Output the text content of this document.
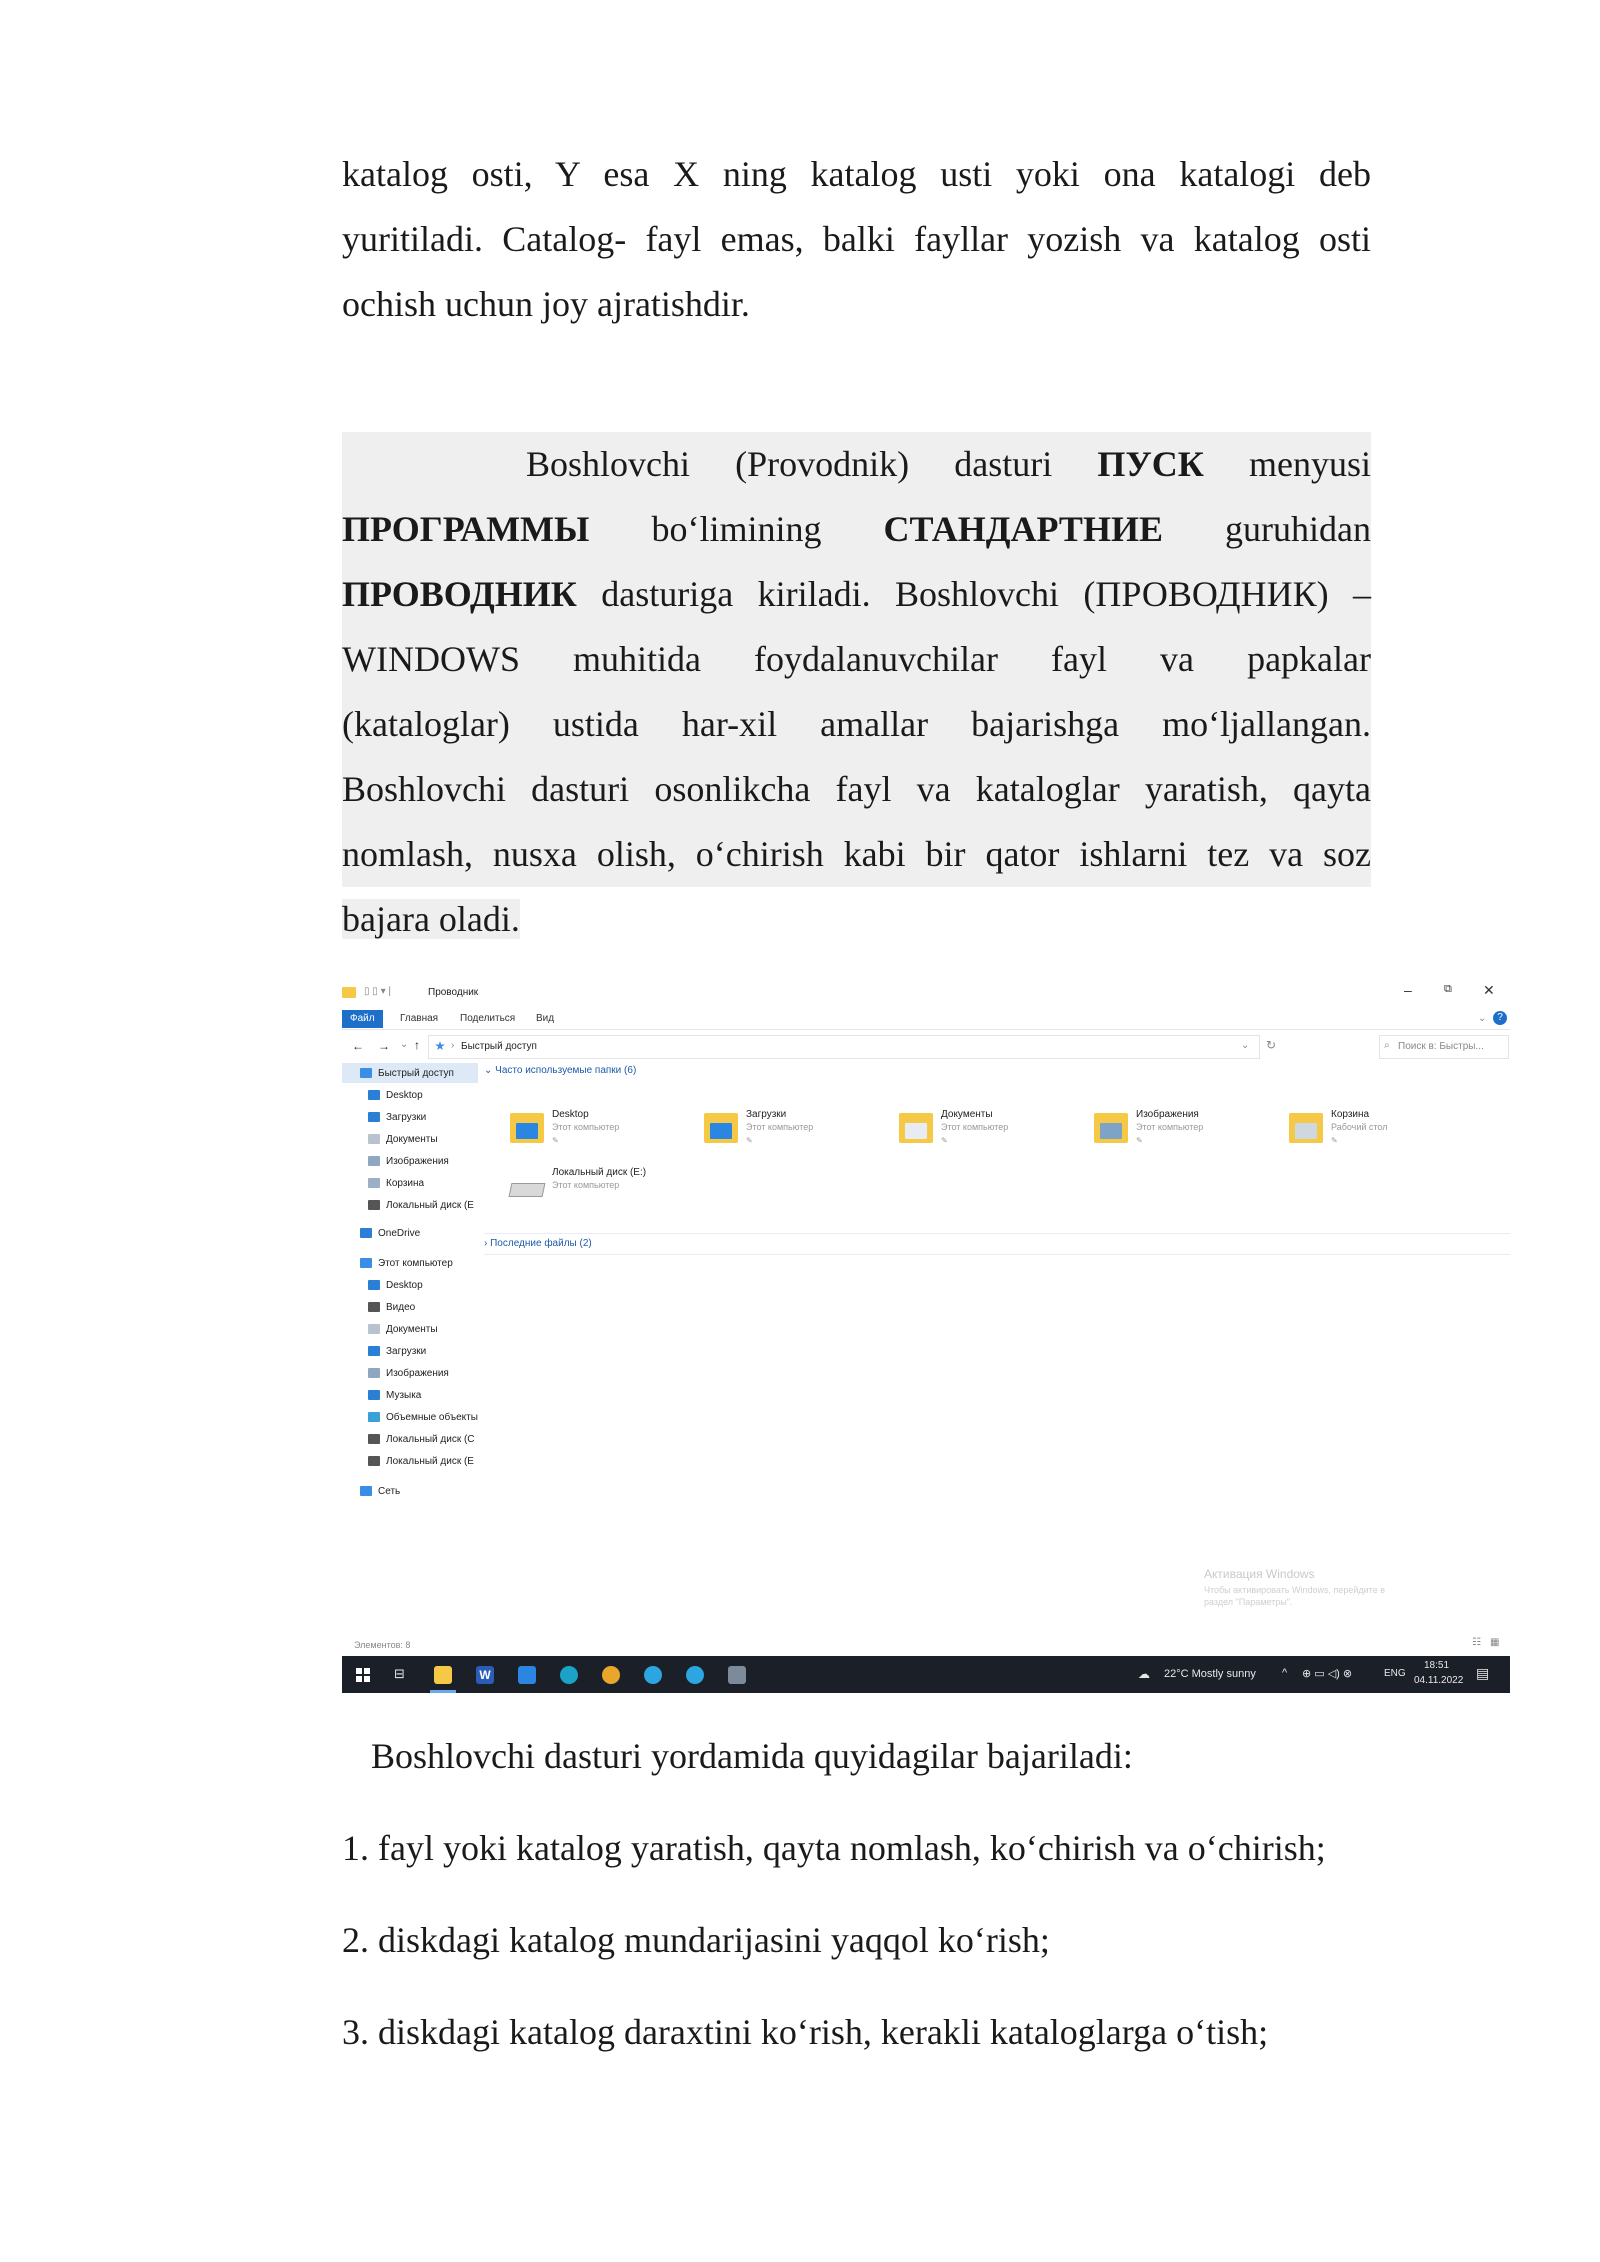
katalog osti, Y esa X ning katalog usti yoki ona katalogi deb
yuritiladi. Catalog- fayl emas, balki fayllar yozish va katalog osti
ochish uchun joy ajratishdir.
Boshlovchi (Provodnik) dasturi ПУСК menyusi
ПРОГРАММЫ bo‘limining СТАНДАРТНИЕ guruhidan
ПРОВОДНИК dasturiga kiriladi. Boshlovchi (ПРОВОДНИК) –
WINDOWS muhitida foydalanuvchilar fayl va papkalar
(kataloglar) ustida har-xil amallar bajarishga mo‘ljallangan.
Boshlovchi dasturi osonlikcha fayl va kataloglar yaratish, qayta
nomlash, nusxa olish, o‘chirish kabi bir qator ishlarni tez va soz
bajara oladi.
▯ ▯ ▾ |	Проводник	–	⧉ ✕
Файл	Главная	Поделиться	Вид	⌄	?
← → ⌄ ↑	› Быстрый доступ	⌄ ↻	⌕ Поиск в: Быстры...
Быстрый доступ
Desktop
Загрузки
Документы
Изображения
Корзина
Локальный диск (E
OneDrive
Этот компьютер
Desktop
Видео
Документы
Загрузки
Изображения
Музыка
Объемные объекты
Локальный диск (C
Локальный диск (E
Сеть
⌄ Часто используемые папки (6)
Desktop
Этот компьютер
✎
Загрузки
Этот компьютер
✎
Документы
Этот компьютер
✎
Изображения
Этот компьютер
✎
Корзина
Рабочий стол
✎
Локальный диск (E:)
Этот компьютер
› Последние файлы (2)
Активация Windows
Чтобы активировать Windows, перейдите в
раздел "Параметры".
Элементов: 8	☷ ▦
⊟	W	☁ 22°C Mostly sunny ^ ⊕ ▭ ◁) ⊗	ENG
18:51
04.11.2022 ▤
Boshlovchi dasturi yordamida quyidagilar bajariladi:
1. fayl yoki katalog yaratish, qayta nomlash, ko‘chirish va o‘chirish;
2. diskdagi katalog mundarijasini yaqqol ko‘rish;
3. diskdagi katalog daraxtini ko‘rish, kerakli kataloglarga o‘tish;
